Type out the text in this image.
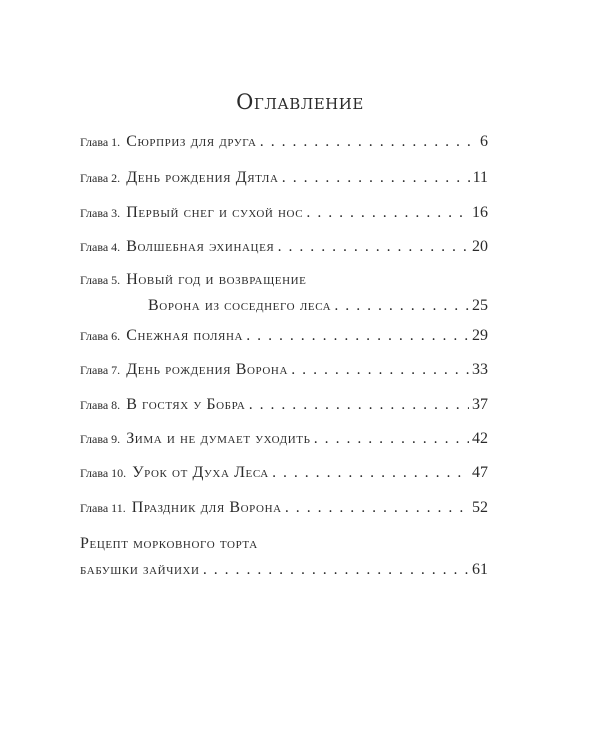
Оглавление
Глава 1. Сюрприз для друга . . .	6
Глава 2. День рождения Дятла . . .	11
Глава 3. Первый снег и сухой нос . . .	16
Глава 4. Волшебная эхинацея . . .	20
Глава 5. Новый год и возвращение
Ворона из соседнего леса . . .	25
Глава 6. Снежная поляна . . .	29
Глава 7. День рождения Ворона . . .	33
Глава 8. В гостях у Бобра . . .	37
Глава 9. Зима и не думает уходить . . .	42
Глава 10. Урок от Духа Леса . . .	47
Глава 11. Праздник для Ворона . . .	52
Рецепт морковного торта
бабушки зайчихи . . .	61
